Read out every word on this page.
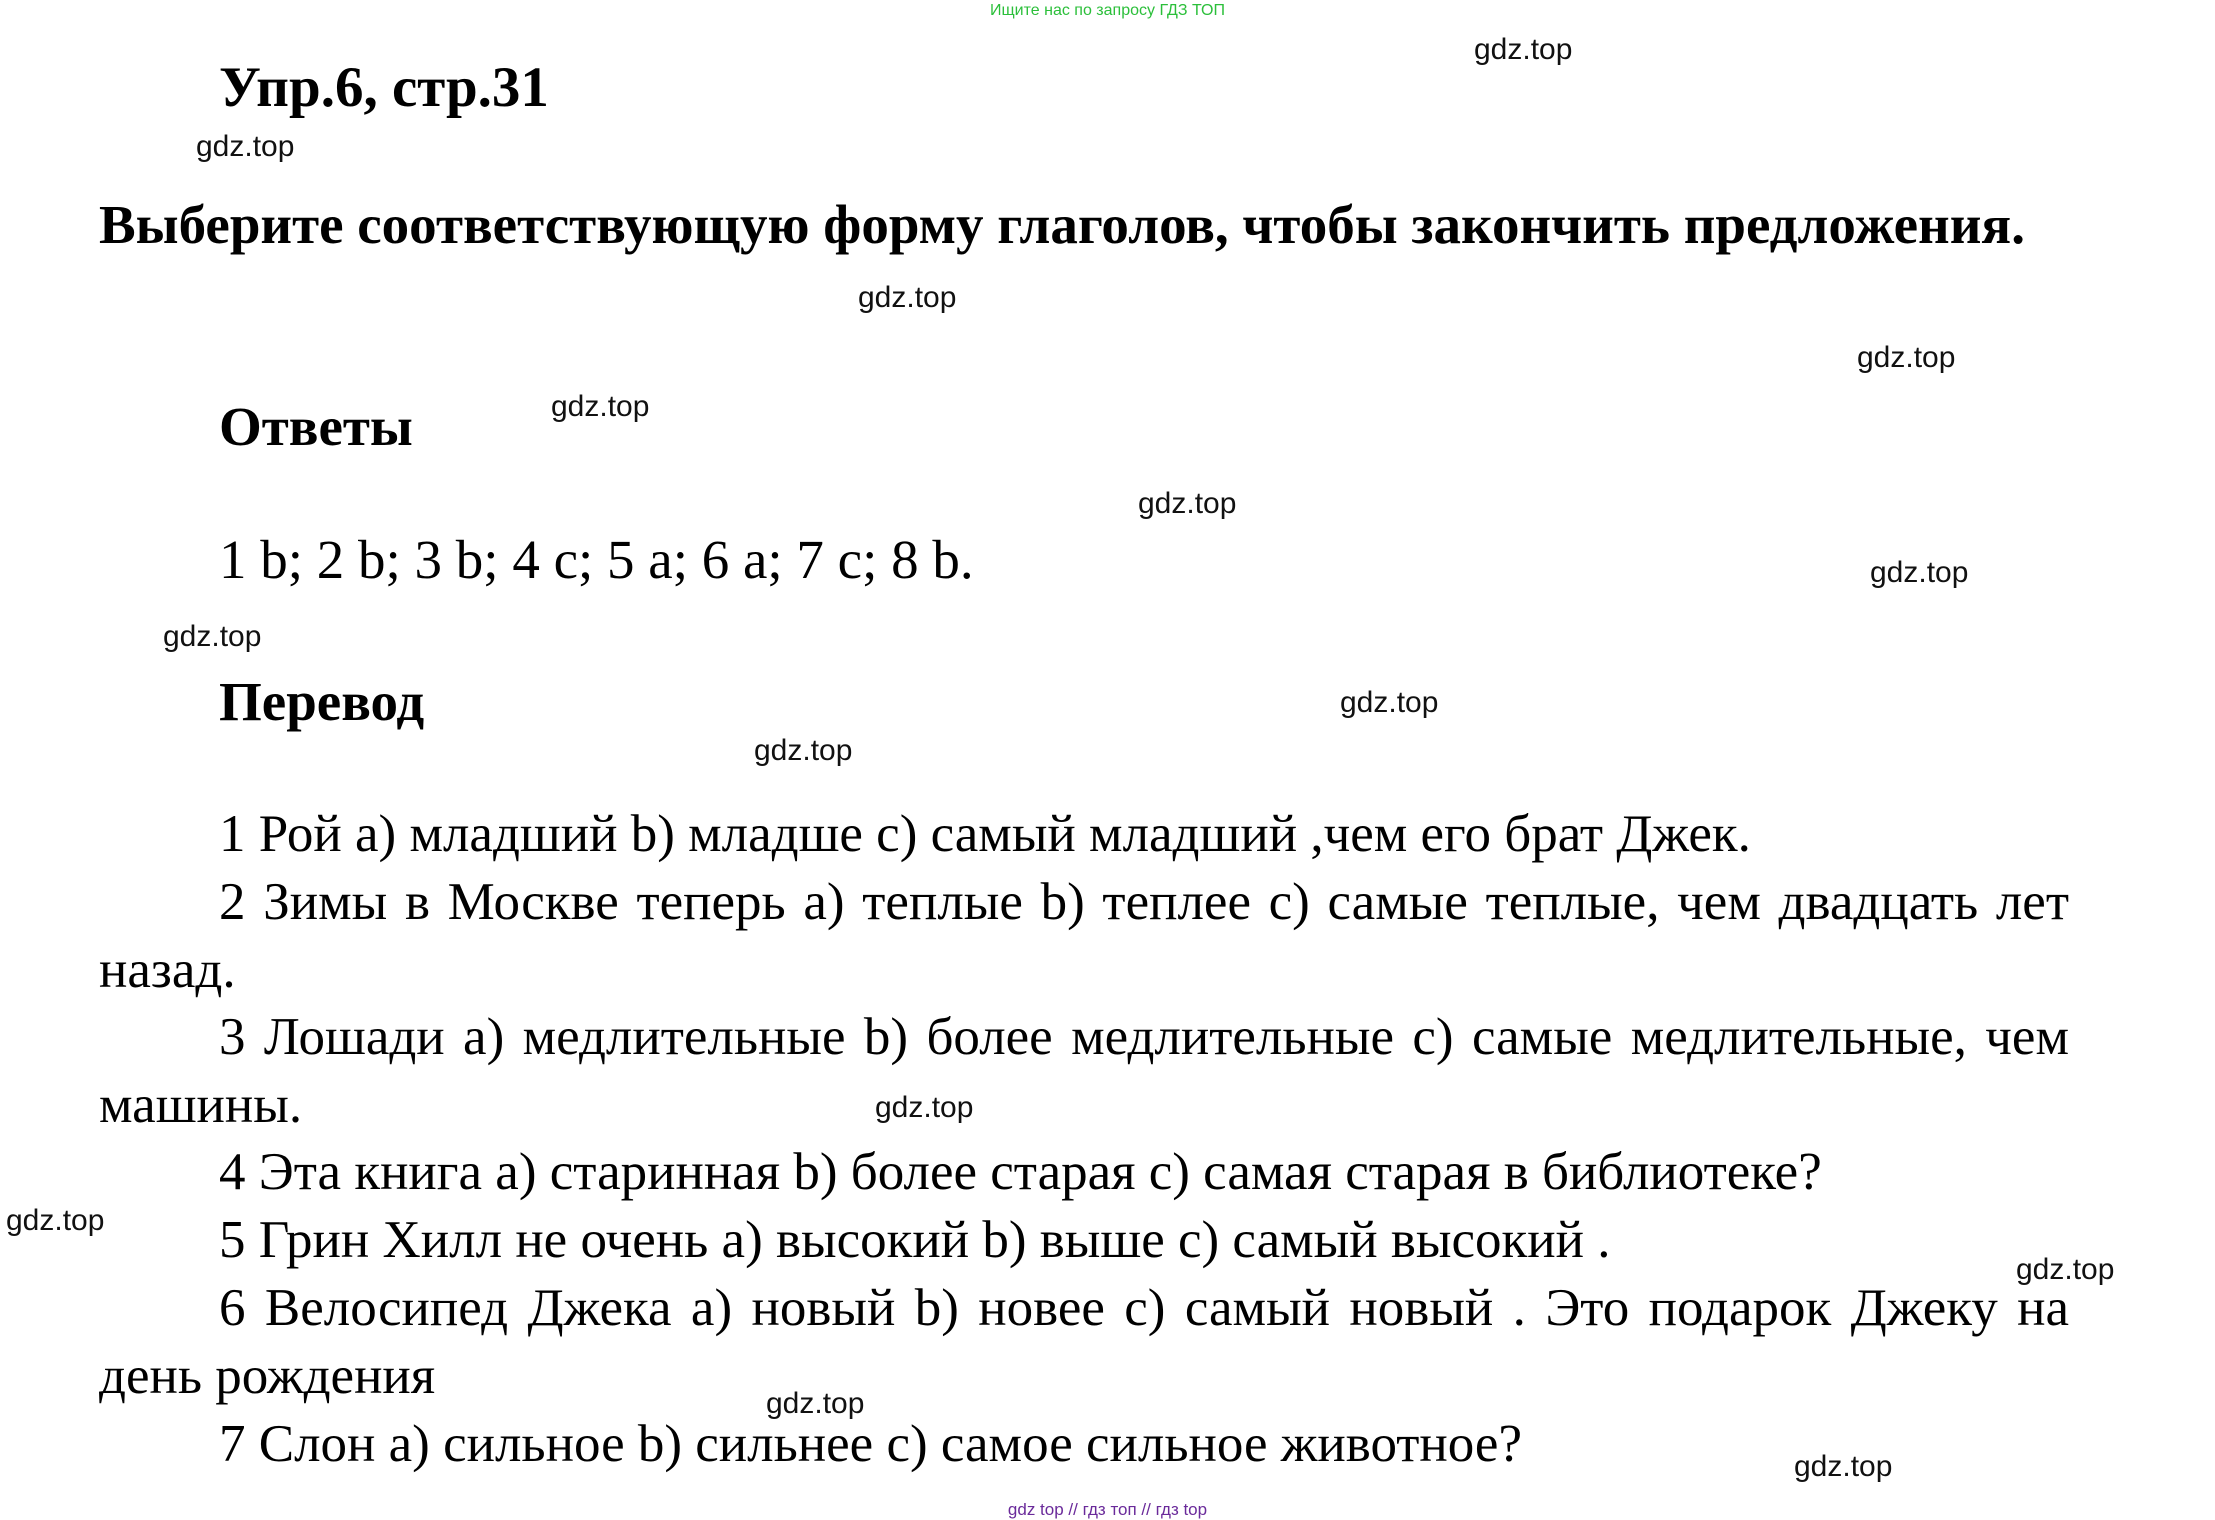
Ищите нас по запросу ГДЗ ТОП
Упр.6, стр.31
Выберите соответствующую форму глаголов, чтобы закончить предложения.
Ответы
1 b; 2 b; 3 b; 4 c; 5 a; 6 a; 7 c; 8 b.
Перевод
1 Рой a) младший b) младше c) самый младший ,чем его брат Джек.
2 Зимы в Москве теперь a) теплые b) теплее c) самые теплые, чем двадцать лет назад.
3 Лошади a) медлительные b) более медлительные c) самые медлительные, чем машины.
4 Эта книга a) старинная b) более старая c) самая старая в библиотеке?
5 Грин Хилл не очень a) высокий b) выше c) самый высокий .
6 Велосипед Джека a) новый b) новее c) самый новый . Это подарок Джеку на день рождения
7 Слон a) сильное b) сильнее c) самое сильное животное?
gdz.top
gdz.top
gdz.top
gdz.top
gdz.top
gdz.top
gdz.top
gdz.top
gdz.top
gdz.top
gdz.top
gdz.top
gdz.top
gdz.top
gdz.top
gdz top // гдз топ // гдз top
